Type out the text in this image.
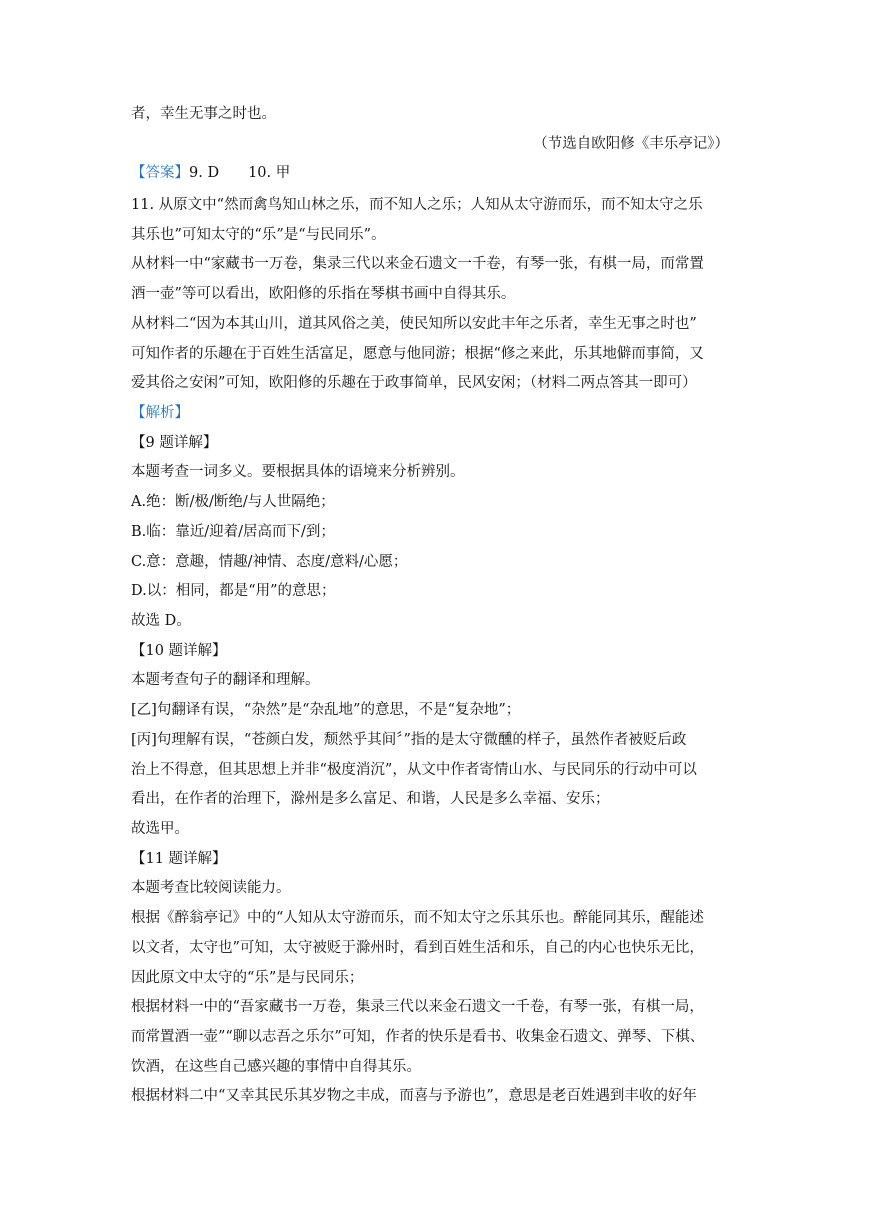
者，幸生无事之时也。
（节选自欧阳修《丰乐亭记》）
【答案】9. D　　10. 甲
11. 从原文中“然而禽鸟知山林之乐，而不知人之乐；人知从太守游而乐，而不知太守之乐
其乐也”可知太守的“乐”是“与民同乐”。
从材料一中“家藏书一万卷，集录三代以来金石遗文一千卷，有琴一张，有棋一局，而常置
酒一壶”等可以看出，欧阳修的乐指在琴棋书画中自得其乐。
从材料二“因为本其山川，道其风俗之美，使民知所以安此丰年之乐者，幸生无事之时也”
可知作者的乐趣在于百姓生活富足，愿意与他同游；根据“修之来此，乐其地僻而事简，又
爱其俗之安闲”可知，欧阳修的乐趣在于政事简单，民风安闲；（材料二两点答其一即可）
【解析】
【9 题详解】
本题考查一词多义。要根据具体的语境来分析辨别。
A.绝：断/极/断绝/与人世隔绝；
B.临：靠近/迎着/居高而下/到；
C.意：意趣，情趣/神情、态度/意料/心愿；
D.以：相同，都是“用”的意思；
故选 D。
【10 题详解】
本题考查句子的翻译和理解。
[乙]句翻译有误，“杂然”是“杂乱地”的意思，不是“复杂地”；
[丙]句理解有误，“苍颜白发，颓然乎其间〞”指的是太守微醺的样子，虽然作者被贬后政
治上不得意，但其思想上并非“极度消沉”，从文中作者寄情山水、与民同乐的行动中可以
看出，在作者的治理下，滁州是多么富足、和谐，人民是多么幸福、安乐；
故选甲。
【11 题详解】
本题考查比较阅读能力。
根据《醉翁亭记》中的“人知从太守游而乐，而不知太守之乐其乐也。醉能同其乐，醒能述
以文者，太守也”可知，太守被贬于滁州时，看到百姓生活和乐，自己的内心也快乐无比，
因此原文中太守的“乐”是与民同乐；
根据材料一中的“吾家藏书一万卷，集录三代以来金石遗文一千卷，有琴一张，有棋一局，
而常置酒一壶”“聊以志吾之乐尔”可知，作者的快乐是看书、收集金石遗文、弹琴、下棋、
饮酒，在这些自己感兴趣的事情中自得其乐。
根据材料二中“又幸其民乐其岁物之丰成，而喜与予游也”，意思是老百姓遇到丰收的好年
